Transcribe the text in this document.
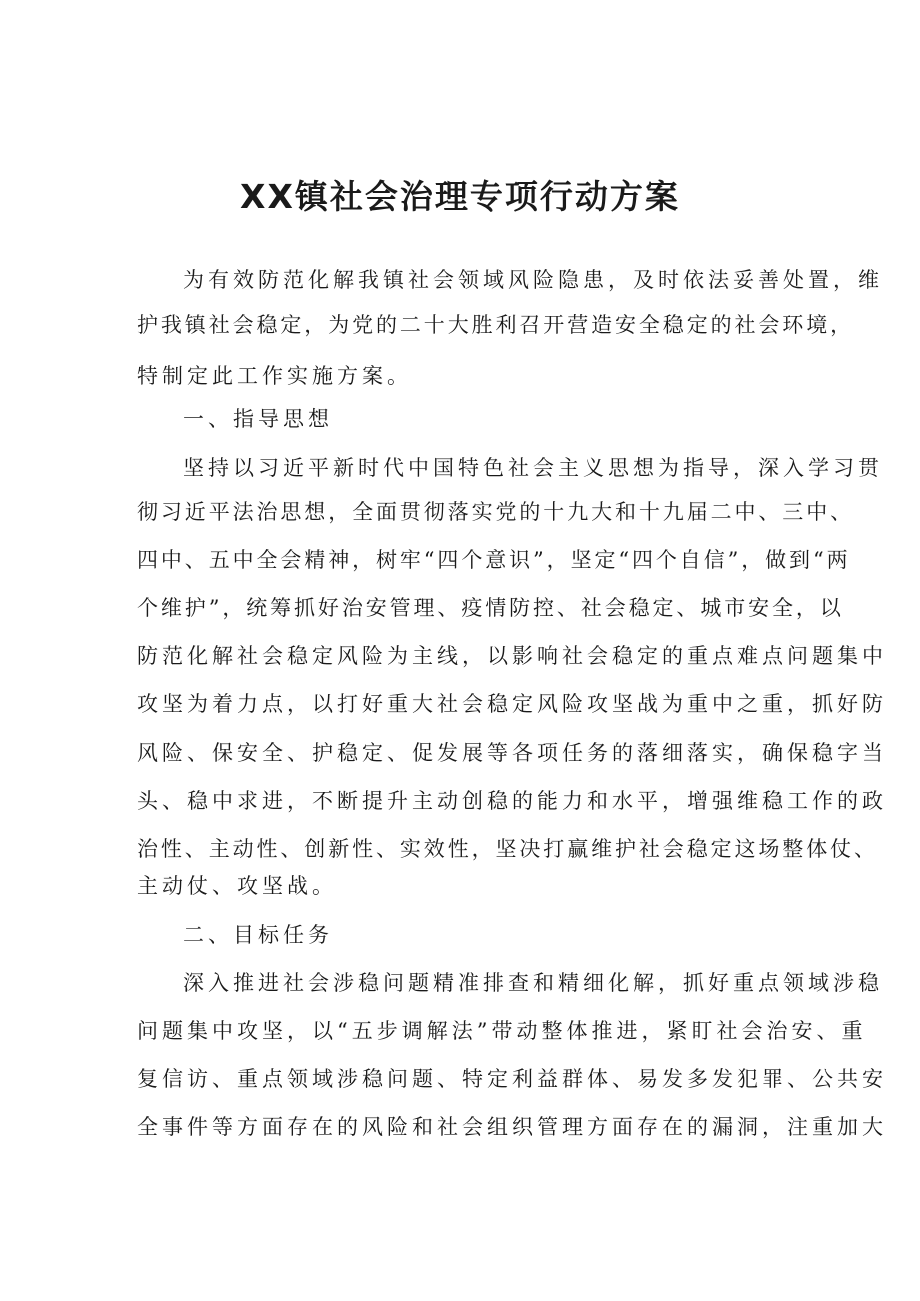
XX镇社会治理专项行动方案
为有效防范化解我镇社会领域风险隐患，及时依法妥善处置，维
护我镇社会稳定，为党的二十大胜利召开营造安全稳定的社会环境，
特制定此工作实施方案。
一、指导思想
坚持以习近平新时代中国特色社会主义思想为指导，深入学习贯
彻习近平法治思想，全面贯彻落实党的十九大和十九届二中、三中、
四中、五中全会精神，树牢“四个意识”，坚定“四个自信”，做到“两
个维护”，统筹抓好治安管理、疫情防控、社会稳定、城市安全，以
防范化解社会稳定风险为主线，以影响社会稳定的重点难点问题集中
攻坚为着力点，以打好重大社会稳定风险攻坚战为重中之重，抓好防
风险、保安全、护稳定、促发展等各项任务的落细落实，确保稳字当
头、稳中求进，不断提升主动创稳的能力和水平，增强维稳工作的政
治性、主动性、创新性、实效性，坚决打赢维护社会稳定这场整体仗、
主动仗、攻坚战。
二、目标任务
深入推进社会涉稳问题精准排查和精细化解，抓好重点领域涉稳
问题集中攻坚，以“五步调解法”带动整体推进，紧盯社会治安、重
复信访、重点领域涉稳问题、特定利益群体、易发多发犯罪、公共安
全事件等方面存在的风险和社会组织管理方面存在的漏洞，注重加大
